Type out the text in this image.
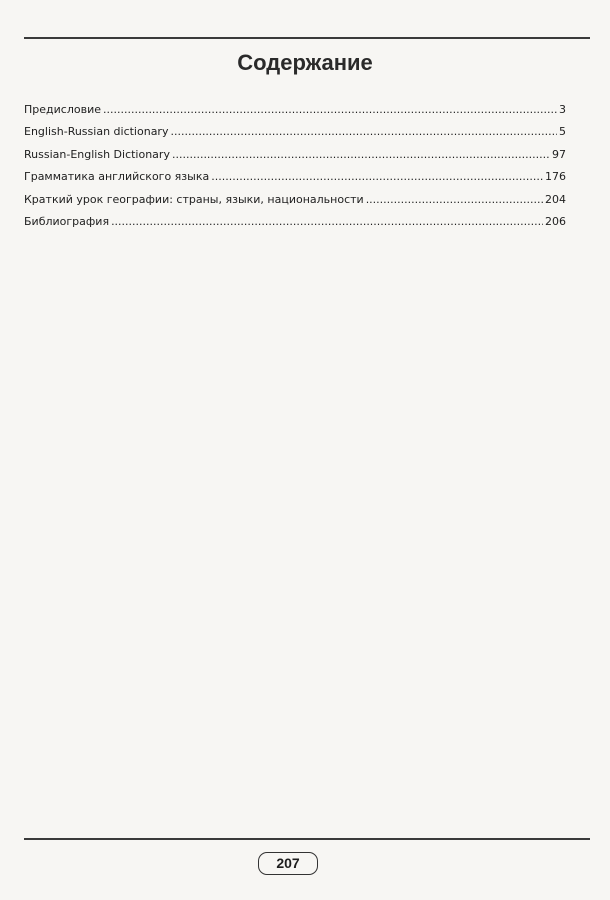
Содержание
Предисловие .....	3
English-Russian dictionary .....	5
Russian-English Dictionary .....	97
Грамматика английского языка .....	176
Краткий урок географии: страны, языки, национальности .....	204
Библиография .....	206
207
